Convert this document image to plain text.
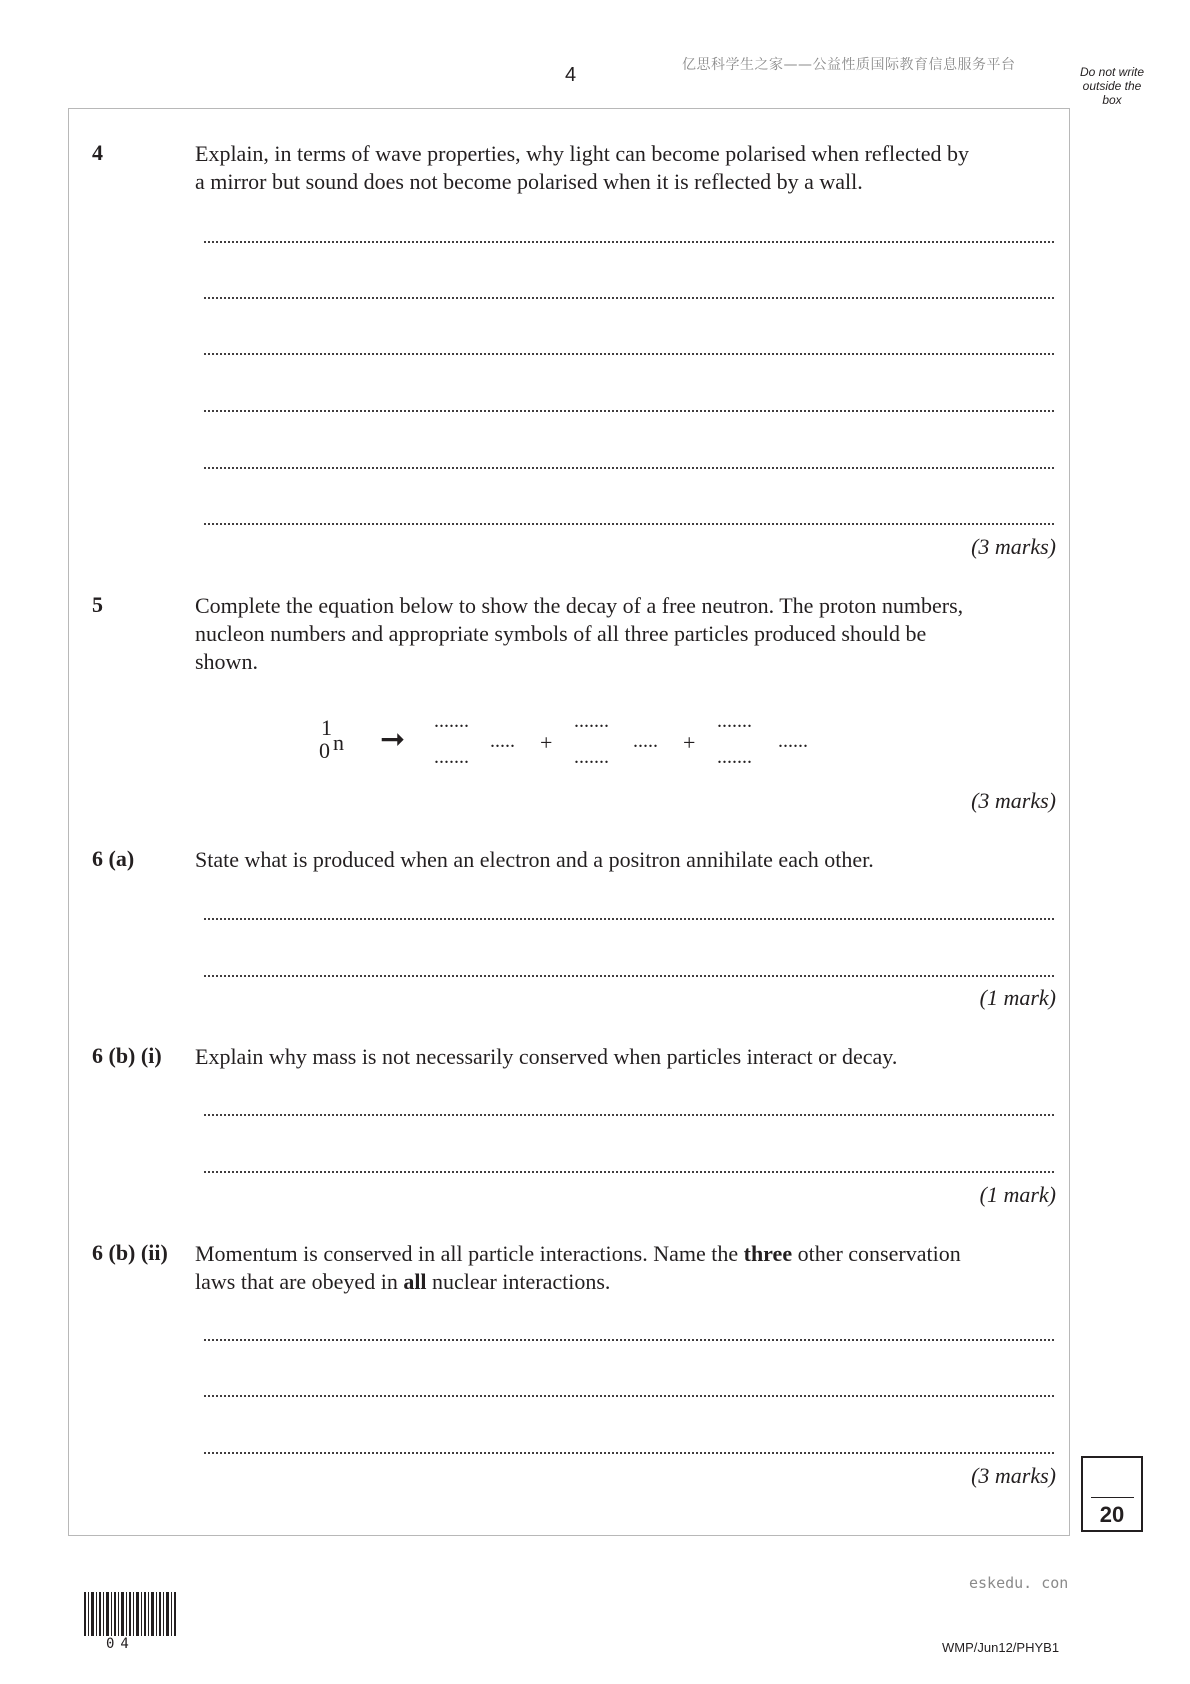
4	亿思科学生之家——公益性质国际教育信息服务平台	Do not write
outside the
box
4	Explain, in terms of wave properties, why light can become polarised when reflected by
a mirror but sound does not become polarised when it is reflected by a wall.
(3 marks)
5	Complete the equation below to show the decay of a free neutron. The proton numbers,
nucleon numbers and appropriate symbols of all three particles produced should be
shown.
1
0 n ➞
.......
.......
..... +
.......
.......
..... +
.......
.......
......
(3 marks)
6 (a)	State what is produced when an electron and a positron annihilate each other.
(1 mark)
6 (b) (i) Explain why mass is not necessarily conserved when particles interact or decay.
(1 mark)
6 (b) (ii) Momentum is conserved in all particle interactions. Name the three other conservation
laws that are obeyed in all nuclear interactions.
(3 marks)
20
04
eskedu. con
WMP/Jun12/PHYB1
